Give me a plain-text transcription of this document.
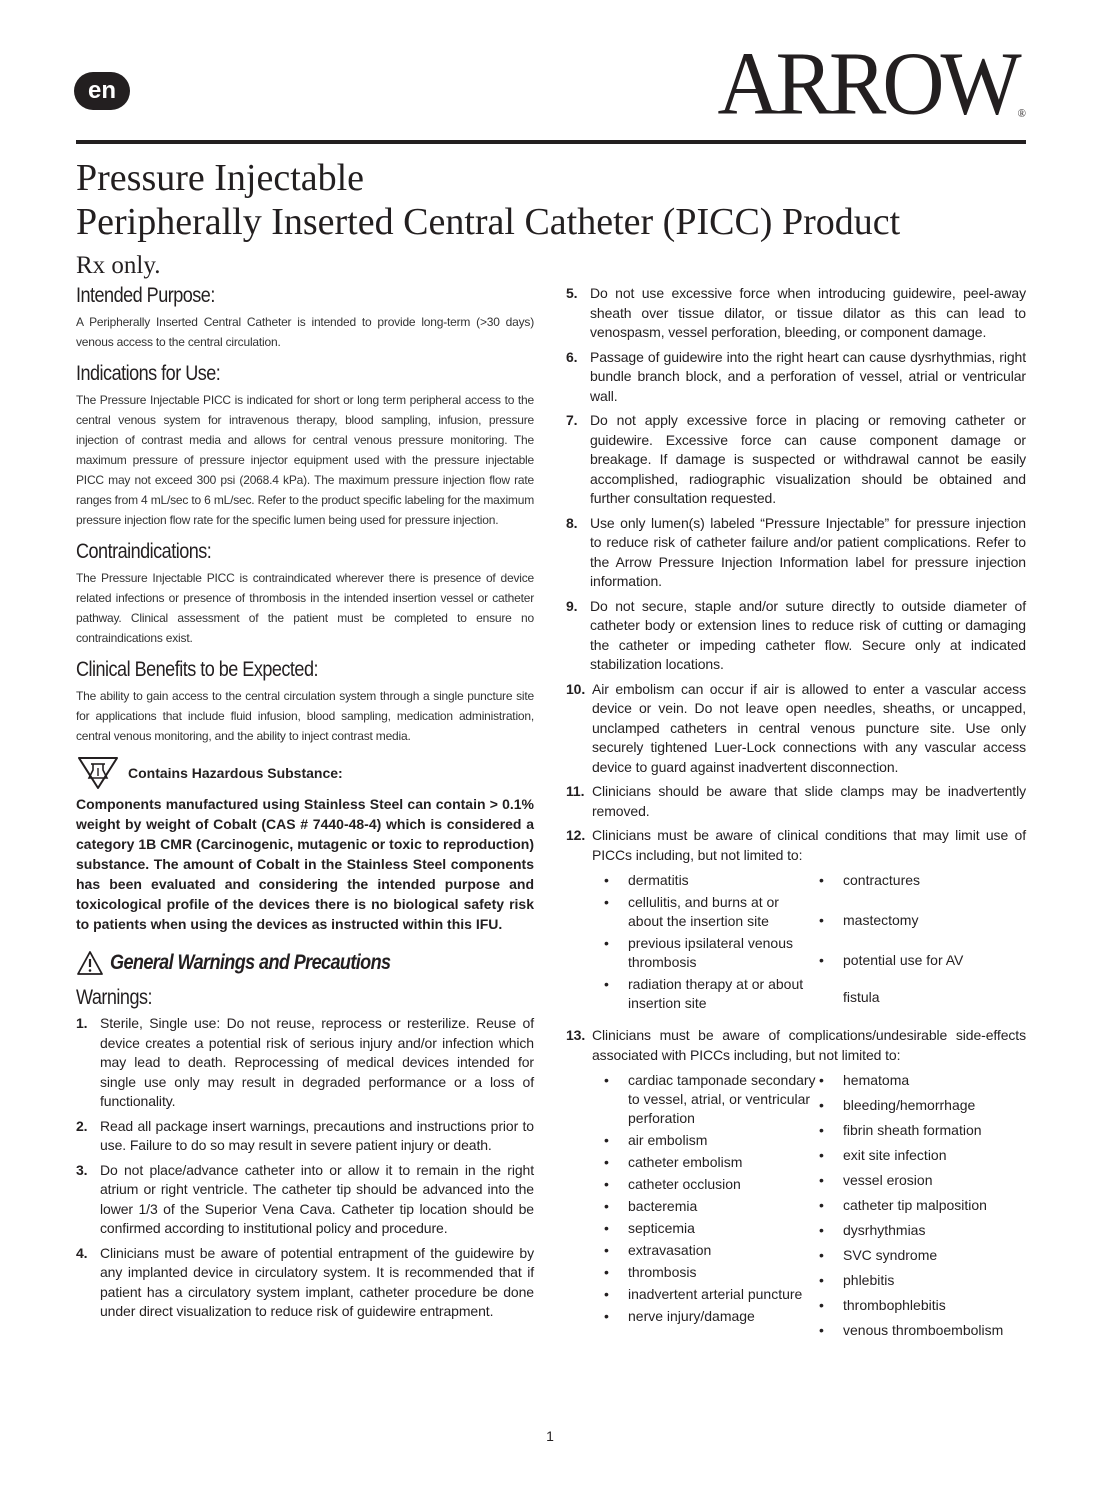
en	ARROW®
Pressure Injectable
Peripherally Inserted Central Catheter (PICC) Product
Rx only.
Intended Purpose:

A Peripherally Inserted Central Catheter is intended to provide long-term (>30 days) venous access to the central circulation.

Indications for Use:

The Pressure Injectable PICC is indicated for short or long term peripheral access to the central venous system for intravenous therapy, blood sampling, infusion, pressure injection of contrast media and allows for central venous pressure monitoring. The maximum pressure of pressure injector equipment used with the pressure injectable PICC may not exceed 300 psi (2068.4 kPa). The maximum pressure injection flow rate ranges from 4 mL/sec to 6 mL/sec. Refer to the product specific labeling for the maximum pressure injection flow rate for the specific lumen being used for pressure injection.

Contraindications:

The Pressure Injectable PICC is contraindicated wherever there is presence of device related infections or presence of thrombosis in the intended insertion vessel or catheter pathway. Clinical assessment of the patient must be completed to ensure no contraindications exist.

Clinical Benefits to be Expected:

The ability to gain access to the central circulation system through a single puncture site for applications that include fluid infusion, blood sampling, medication administration, central venous monitoring, and the ability to inject contrast media.

Contains Hazardous Substance:

Components manufactured using Stainless Steel can contain > 0.1% weight by weight of Cobalt (CAS # 7440-48-4) which is considered a category 1B CMR (Carcinogenic, mutagenic or toxic to reproduction) substance. The amount of Cobalt in the Stainless Steel components has been evaluated and considering the intended purpose and toxicological profile of the devices there is no biological safety risk to patients when using the devices as instructed within this IFU.

General Warnings and Precautions
Warnings:
1. Sterile, Single use: Do not reuse, reprocess or resterilize. Reuse of device creates a potential risk of serious injury and/or infection which may lead to death. Reprocessing of medical devices intended for single use only may result in degraded performance or a loss of functionality.
2. Read all package insert warnings, precautions and instructions prior to use. Failure to do so may result in severe patient injury or death.
3. Do not place/advance catheter into or allow it to remain in the right atrium or right ventricle. The catheter tip should be advanced into the lower 1/3 of the Superior Vena Cava. Catheter tip location should be confirmed according to institutional policy and procedure.
4. Clinicians must be aware of potential entrapment of the guidewire by any implanted device in circulatory system. It is recommended that if patient has a circulatory system implant, catheter procedure be done under direct visualization to reduce risk of guidewire entrapment.
5. Do not use excessive force when introducing guidewire, peel-away sheath over tissue dilator, or tissue dilator as this can lead to venospasm, vessel perforation, bleeding, or component damage.
6. Passage of guidewire into the right heart can cause dysrhythmias, right bundle branch block, and a perforation of vessel, atrial or ventricular wall.
7. Do not apply excessive force in placing or removing catheter or guidewire. Excessive force can cause component damage or breakage. If damage is suspected or withdrawal cannot be easily accomplished, radiographic visualization should be obtained and further consultation requested.
8. Use only lumen(s) labeled “Pressure Injectable” for pressure injection to reduce risk of catheter failure and/or patient complications. Refer to the Arrow Pressure Injection Information label for pressure injection information.
9. Do not secure, staple and/or suture directly to outside diameter of catheter body or extension lines to reduce risk of cutting or damaging the catheter or impeding catheter flow. Secure only at indicated stabilization locations.
10. Air embolism can occur if air is allowed to enter a vascular access device or vein. Do not leave open needles, sheaths, or uncapped, unclamped catheters in central venous puncture site. Use only securely tightened Luer-Lock connections with any vascular access device to guard against inadvertent disconnection.
11. Clinicians should be aware that slide clamps may be inadvertently removed.
12. Clinicians must be aware of clinical conditions that may limit use of PICCs including, but not limited to:
• dermatitis
• cellulitis, and burns at or about the insertion site
• previous ipsilateral venous thrombosis
• radiation therapy at or about insertion site
• contractures
• mastectomy
• potential use for AV
fistula
13. Clinicians must be aware of complications/undesirable side-effects associated with PICCs including, but not limited to:
• cardiac tamponade secondary to vessel, atrial, or ventricular perforation
• air embolism
• catheter embolism
• catheter occlusion
• bacteremia
• septicemia
• extravasation
• thrombosis
• inadvertent arterial puncture
• nerve injury/damage
• hematoma
• bleeding/hemorrhage
• fibrin sheath formation
• exit site infection
• vessel erosion
• catheter tip malposition
• dysrhythmias
• SVC syndrome
• phlebitis
• thrombophlebitis
• venous thromboembolism
1
